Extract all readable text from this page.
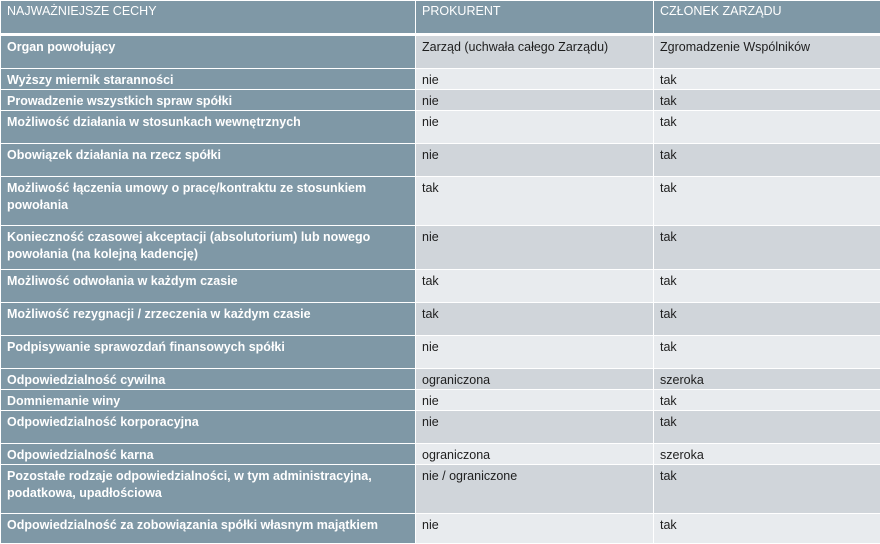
NAJWAŻNIEJSZE CECHY	PROKURENT	CZŁONEK ZARZĄDU
Organ powołujący	Zarząd (uchwała całego Zarządu)	Zgromadzenie Wspólników
Wyższy miernik staranności	nie	tak
Prowadzenie wszystkich spraw spółki	nie	tak
Możliwość działania w stosunkach wewnętrznych	nie	tak
Obowiązek działania na rzecz spółki	nie	tak
Możliwość łączenia umowy o pracę/kontraktu ze stosunkiem powołania	tak	tak
Konieczność czasowej akceptacji (absolutorium) lub nowego powołania (na kolejną kadencję)	nie	tak
Możliwość odwołania w każdym czasie	tak	tak
Możliwość rezygnacji / zrzeczenia w każdym czasie	tak	tak
Podpisywanie sprawozdań finansowych spółki	nie	tak
Odpowiedzialność cywilna	ograniczona	szeroka
Domniemanie winy	nie	tak
Odpowiedzialność korporacyjna	nie	tak
Odpowiedzialność karna	ograniczona	szeroka
Pozostałe rodzaje odpowiedzialności, w tym administracyjna, podatkowa, upadłościowa	nie / ograniczone	tak
Odpowiedzialność za zobowiązania spółki własnym majątkiem	nie	tak
